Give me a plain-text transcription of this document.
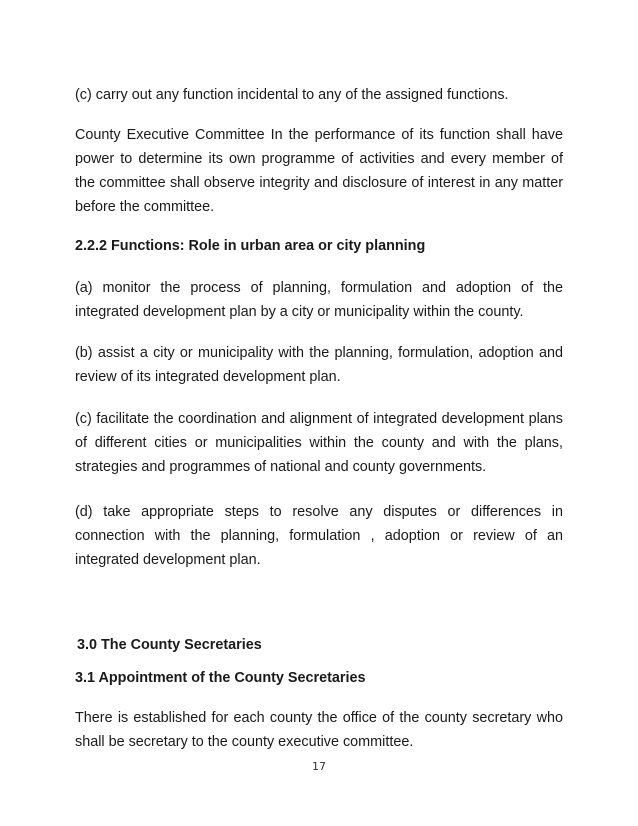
(c) carry out any function incidental to any of the assigned functions.

County Executive Committee In the performance of its function shall have power to determine its own programme of activities and every member of the committee shall observe integrity and disclosure of interest in any matter before the committee.

2.2.2 Functions: Role in urban area or city planning

(a) monitor the process of planning, formulation and adoption of the integrated development plan by a city or municipality within the county.

(b) assist a city or municipality with the planning, formulation, adoption and review of its integrated development plan.

(c) facilitate the coordination and alignment of integrated development plans of different cities or municipalities within the county and with the plans, strategies and programmes of national and county governments.

(d) take appropriate steps to resolve any disputes or differences in connection with the planning, formulation , adoption or review of an integrated development plan.

3.0 The County Secretaries
3.1 Appointment of the County Secretaries

There is established for each county the office of the county secretary who shall be secretary to the county executive committee.

17
